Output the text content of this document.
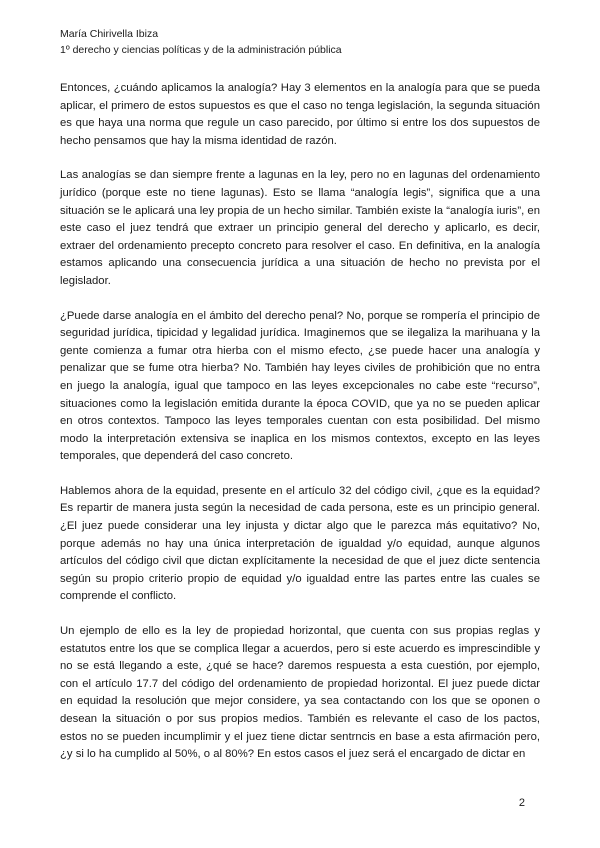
María Chirivella Ibiza
1º derecho y ciencias políticas y de la administración pública

Entonces, ¿cuándo aplicamos la analogía? Hay 3 elementos en la analogía para que se pueda aplicar, el primero de estos supuestos es que el caso no tenga legislación, la segunda situación es que haya una norma que regule un caso parecido, por último si entre los dos supuestos de hecho pensamos que hay la misma identidad de razón.

Las analogías se dan siempre frente a lagunas en la ley, pero no en lagunas del ordenamiento jurídico (porque este no tiene lagunas). Esto se llama “analogía legis”, significa que a una situación se le aplicará una ley propia de un hecho similar. También existe la “analogía iuris”, en este caso el juez tendrá que extraer un principio general del derecho y aplicarlo, es decir, extraer del ordenamiento precepto concreto para resolver el caso. En definitiva, en la analogía estamos aplicando una consecuencia jurídica a una situación de hecho no prevista por el legislador.

¿Puede darse analogía en el ámbito del derecho penal? No, porque se rompería el principio de seguridad jurídica, tipicidad y legalidad jurídica. Imaginemos que se ilegaliza la marihuana y la gente comienza a fumar otra hierba con el mismo efecto, ¿se puede hacer una analogía y penalizar que se fume otra hierba? No. También hay leyes civiles de prohibición que no entra en juego la analogía, igual que tampoco en las leyes excepcionales no cabe este “recurso”, situaciones como la legislación emitida durante la época COVID, que ya no se pueden aplicar en otros contextos. Tampoco las leyes temporales cuentan con esta posibilidad. Del mismo modo la interpretación extensiva se inaplica en los mismos contextos, excepto en las leyes temporales, que dependerá del caso concreto.

Hablemos ahora de la equidad, presente en el artículo 32 del código civil, ¿que es la equidad? Es repartir de manera justa según la necesidad de cada persona, este es un principio general. ¿El juez puede considerar una ley injusta y dictar algo que le parezca más equitativo? No, porque además no hay una única interpretación de igualdad y/o equidad, aunque algunos artículos del código civil que dictan explícitamente la necesidad de que el juez dicte sentencia según su propio criterio propio de equidad y/o igualdad entre las partes entre las cuales se comprende el conflicto.

Un ejemplo de ello es la ley de propiedad horizontal, que cuenta con sus propias reglas y estatutos entre los que se complica llegar a acuerdos, pero si este acuerdo es imprescindible y no se está llegando a este, ¿qué se hace? daremos respuesta a esta cuestión, por ejemplo, con el artículo 17.7 del código del ordenamiento de propiedad horizontal. El juez puede dictar en equidad la resolución que mejor considere, ya sea contactando con los que se oponen o desean la situación o por sus propios medios. También es relevante el caso de los pactos, estos no se pueden incumplimir y el juez tiene dictar sentrncis en base a esta afirmación pero, ¿y si lo ha cumplido al 50%, o al 80%? En estos casos el juez será el encargado de dictar en

2
